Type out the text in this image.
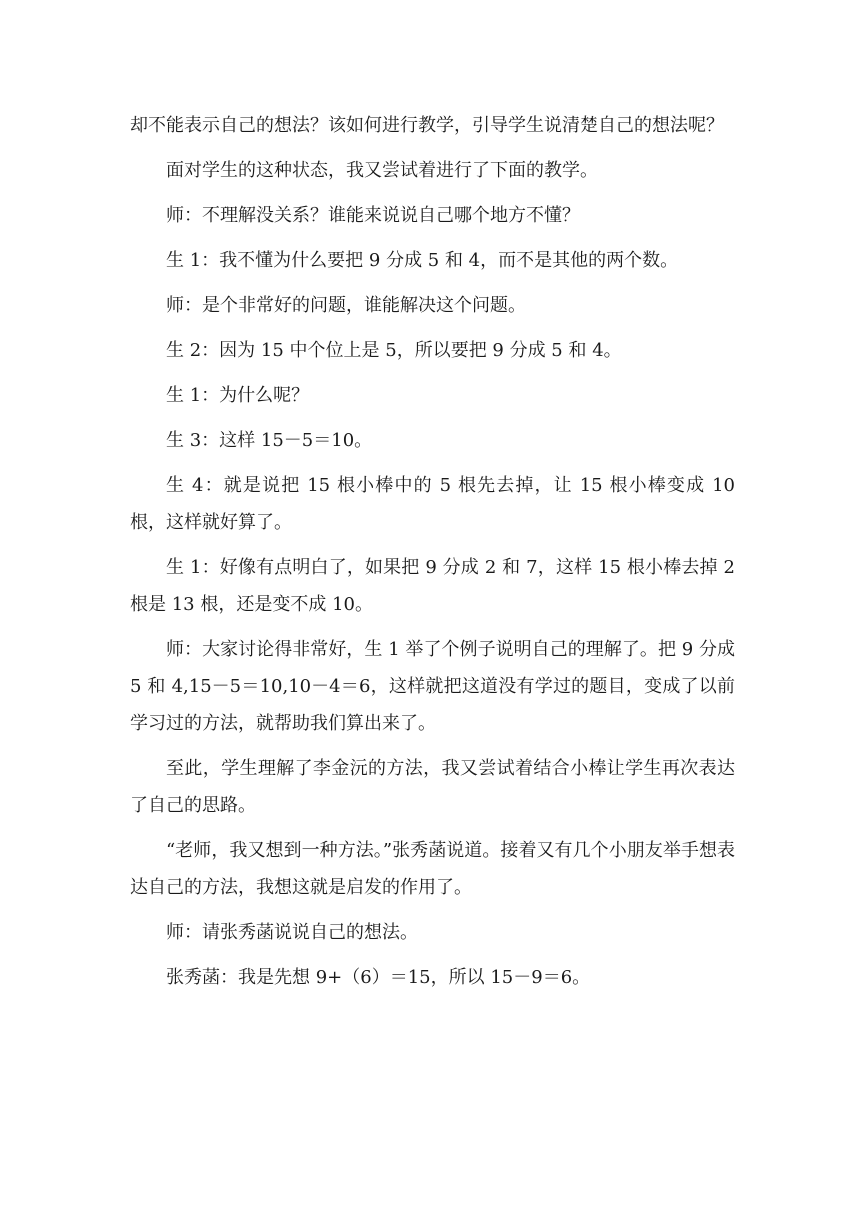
却不能表示自己的想法？该如何进行教学，引导学生说清楚自己的想法呢？

面对学生的这种状态，我又尝试着进行了下面的教学。

师：不理解没关系？谁能来说说自己哪个地方不懂？

生 1：我不懂为什么要把 9 分成 5 和 4，而不是其他的两个数。

师：是个非常好的问题，谁能解决这个问题。

生 2：因为 15 中个位上是 5，所以要把 9 分成 5 和 4。

生 1：为什么呢？

生 3：这样 15－5＝10。

生 4：就是说把 15 根小棒中的 5 根先去掉，让 15 根小棒变成 10 根，这样就好算了。

生 1：好像有点明白了，如果把 9 分成 2 和 7，这样 15 根小棒去掉 2 根是 13 根，还是变不成 10。

师：大家讨论得非常好，生 1 举了个例子说明自己的理解了。把 9 分成 5 和 4,15－5＝10,10－4＝6，这样就把这道没有学过的题目，变成了以前学习过的方法，就帮助我们算出来了。

至此，学生理解了李金沅的方法，我又尝试着结合小棒让学生再次表达了自己的思路。

“老师，我又想到一种方法。”张秀菡说道。接着又有几个小朋友举手想表达自己的方法，我想这就是启发的作用了。

师：请张秀菡说说自己的想法。

张秀菡：我是先想 9+（6）＝15，所以 15－9＝6。
